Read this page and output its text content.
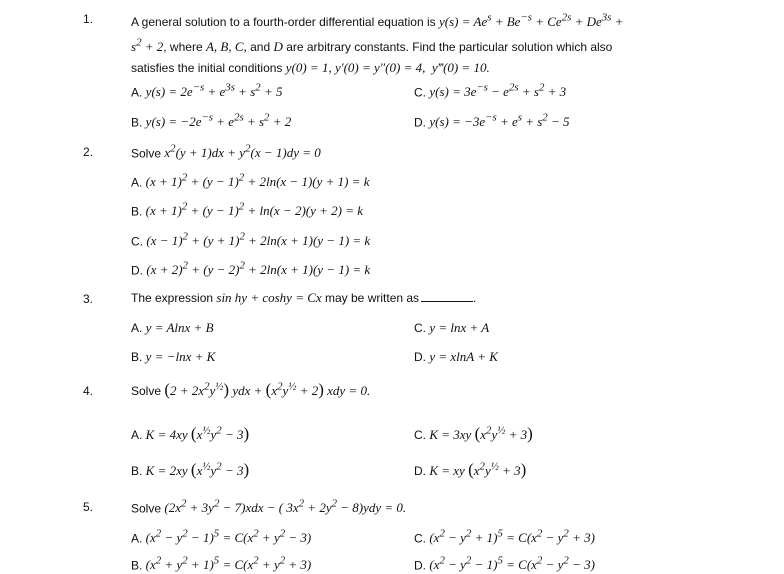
1.	A general solution to a fourth-order differential equation is $y(s) = Ae^s + Be^{-s} + Ce^{2s} + De^{3s}$ +
$s^2 + 2$, where A, B, C, and D are arbitrary constants. Find the particular solution which also
satisfies the initial conditions y(0) = 1, y′(0) = y″(0) = 4,  y‴(0) = 10.
A. $y(s) = 2e^{-s} + e^{3s} + s^2 + 5$
B. $y(s) = -2e^{-s} + e^{2s} + s^2 + 2$
C. $y(s) = 3e^{-s} - e^{2s} + s^2 + 3$
D. $y(s) = -3e^{-s} + e^s + s^2 - 5$
2.	Solve $x^2(y + 1)dx + y^2(x - 1)dy = 0$
A. $(x + 1)^2 + (y - 1)^2 + 2\ln(x - 1)(y + 1) = k$
B. $(x + 1)^2 + (y - 1)^2 + \ln(x - 2)(y + 2) = k$
C. $(x - 1)^2 + (y + 1)^2 + 2\ln(x + 1)(y - 1) = k$
D. $(x + 2)^2 + (y - 2)^2 + 2\ln(x + 1)(y - 1) = k$
3.	The expression sin hy + coshy = Cx may be written as	.
A. y = Alnx + B
B. y = −lnx + K
C. y = lnx + A
D. y = xlnA + K
4.	Solve $(2 + 2x^2y^{\frac{1}{2}})$ ydx + $(x^2y^{\frac{1}{2}} + 2)$ xdy = 0.
A. K = 4xy $(x^{\frac{1}{2}}y^2 - 3)$
B. K = 2xy $(x^{\frac{1}{2}}y^2 - 3)$
C. K = 3xy $(x^2y^{\frac{1}{2}} + 3)$
D. K = xy $(x^2y^{\frac{1}{2}} + 3)$
5.	Solve $(2x^2 + 3y^2 - 7)xdx$ − ( $3x^2 + 2y^2 - 8)ydy = 0$.
A. $(x^2 - y^2 - 1)^5 = C(x^2 + y^2 - 3)$
B. $(x^2 + y^2 + 1)^5 = C(x^2 + y^2 + 3)$
C. $(x^2 - y^2 + 1)^5 = C(x^2 - y^2 + 3)$
D. $(x^2 - y^2 - 1)^5 = C(x^2 - y^2 - 3)$
